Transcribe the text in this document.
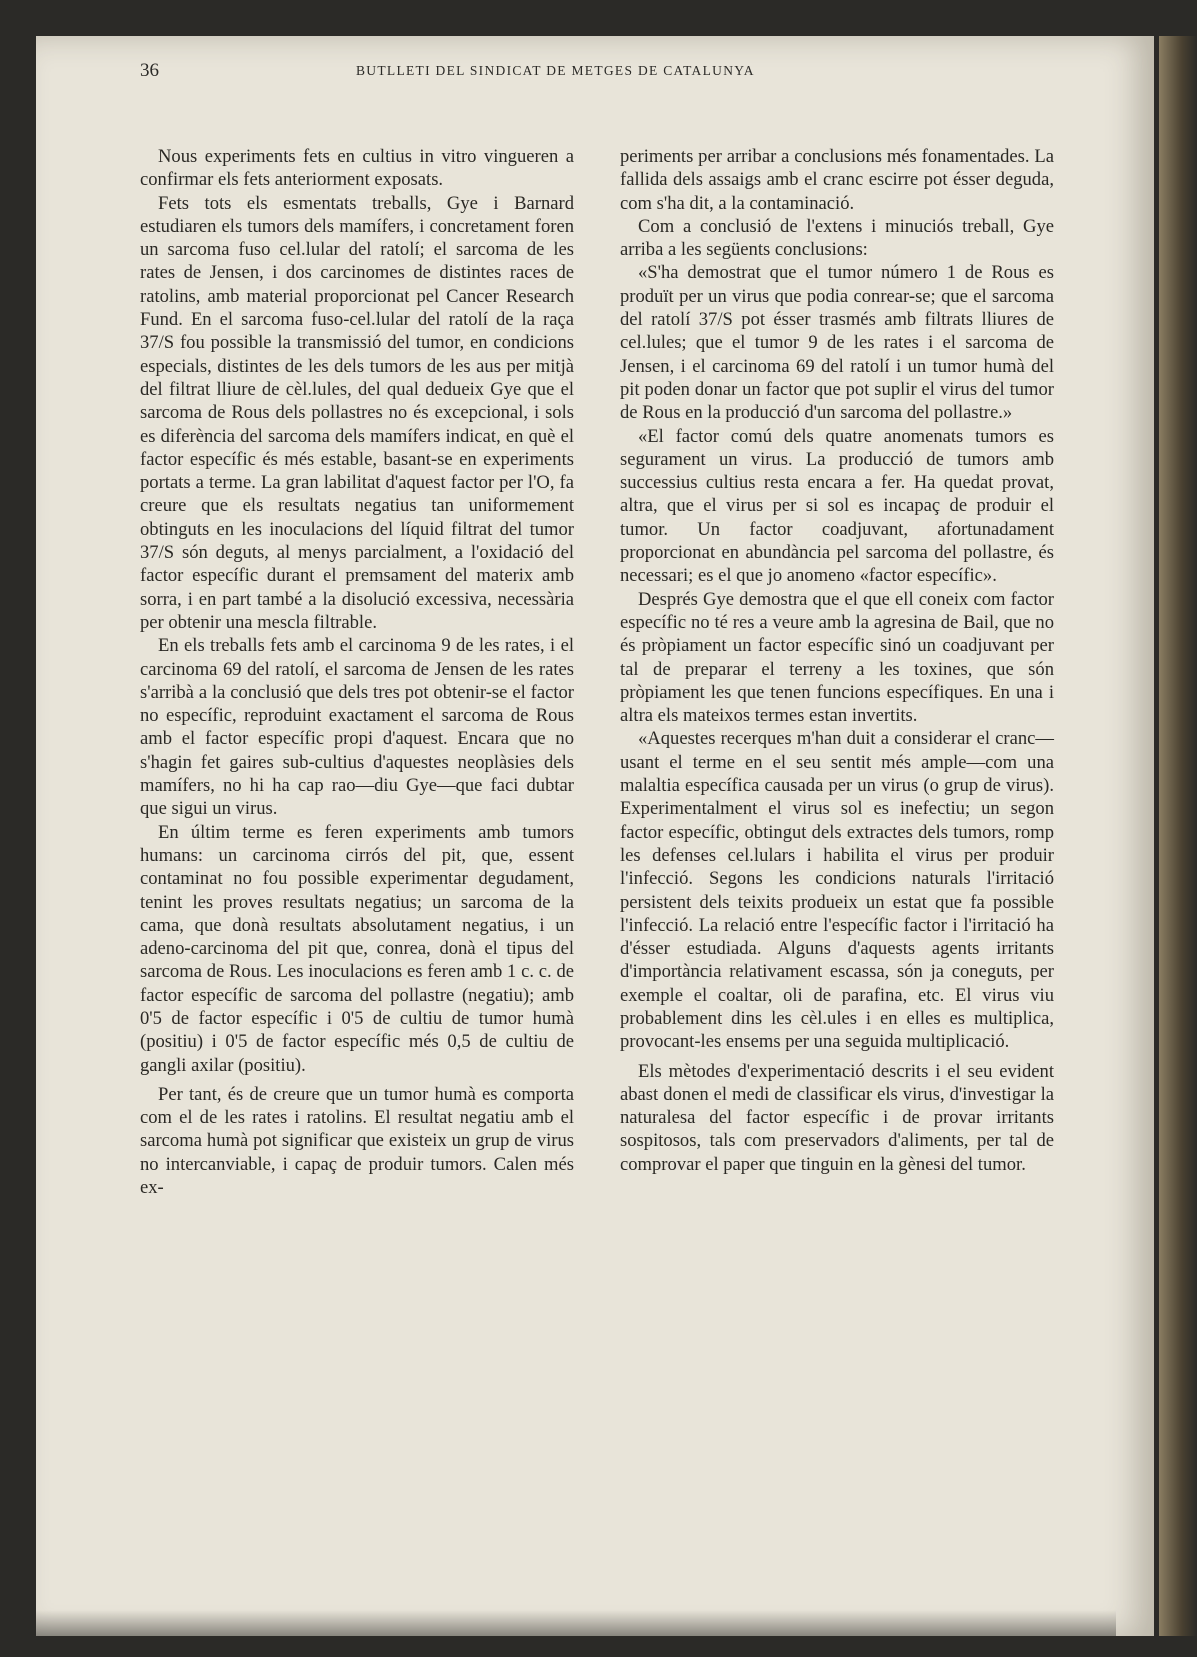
36	BUTLLETI DEL SINDICAT DE METGES DE CATALUNYA

Nous experiments fets en cultius in vitro vingueren a confirmar els fets anteriorment exposats.

Fets tots els esmentats treballs, Gye i Barnard estudiaren els tumors dels mamífers, i concretament foren un sarcoma fuso cel.lular del ratolí; el sarcoma de les rates de Jensen, i dos carcinomes de distintes races de ratolins, amb material proporcionat pel Cancer Research Fund. En el sarcoma fuso-cel.lular del ratolí de la raça 37/S fou possible la transmissió del tumor, en condicions especials, distintes de les dels tumors de les aus per mitjà del filtrat lliure de cèl.lules, del qual dedueix Gye que el sarcoma de Rous dels pollastres no és excepcional, i sols es diferència del sarcoma dels mamífers indicat, en què el factor específic és més estable, basant-se en experiments portats a terme. La gran labilitat d'aquest factor per l'O, fa creure que els resultats negatius tan uniformement obtinguts en les inoculacions del líquid filtrat del tumor 37/S són deguts, al menys parcialment, a l'oxidació del factor específic durant el premsament del materix amb sorra, i en part també a la disolució excessiva, necessària per obtenir una mescla filtrable.

En els treballs fets amb el carcinoma 9 de les rates, i el carcinoma 69 del ratolí, el sarcoma de Jensen de les rates s'arribà a la conclusió que dels tres pot obtenir-se el factor no específic, reproduint exactament el sarcoma de Rous amb el factor específic propi d'aquest. Encara que no s'hagin fet gaires sub-cultius d'aquestes neoplàsies dels mamífers, no hi ha cap rao—diu Gye—que faci dubtar que sigui un virus.

En últim terme es feren experiments amb tumors humans: un carcinoma cirrós del pit, que, essent contaminat no fou possible experimentar degudament, tenint les proves resultats negatius; un sarcoma de la cama, que donà resultats absolutament negatius, i un adeno-carcinoma del pit que, conrea, donà el tipus del sarcoma de Rous. Les inoculacions es feren amb 1 c. c. de factor específic de sarcoma del pollastre (negatiu); amb 0'5 de factor específic i 0'5 de cultiu de tumor humà (positiu) i 0'5 de factor específic més 0,5 de cultiu de gangli axilar (positiu).

Per tant, és de creure que un tumor humà es comporta com el de les rates i ratolins. El resultat negatiu amb el sarcoma humà pot significar que existeix un grup de virus no intercanviable, i capaç de produir tumors. Calen més ex-

periments per arribar a conclusions més fonamentades. La fallida dels assaigs amb el cranc escirre pot ésser deguda, com s'ha dit, a la contaminació.

Com a conclusió de l'extens i minuciós treball, Gye arriba a les següents conclusions:

«S'ha demostrat que el tumor número 1 de Rous es produït per un virus que podia conrear-se; que el sarcoma del ratolí 37/S pot ésser trasmés amb filtrats lliures de cel.lules; que el tumor 9 de les rates i el sarcoma de Jensen, i el carcinoma 69 del ratolí i un tumor humà del pit poden donar un factor que pot suplir el virus del tumor de Rous en la producció d'un sarcoma del pollastre.»

«El factor comú dels quatre anomenats tumors es segurament un virus. La producció de tumors amb successius cultius resta encara a fer. Ha quedat provat, altra, que el virus per si sol es incapaç de produir el tumor. Un factor coadjuvant, afortunadament proporcionat en abundància pel sarcoma del pollastre, és necessari; es el que jo anomeno «factor específic».

Després Gye demostra que el que ell coneix com factor específic no té res a veure amb la agresina de Bail, que no és pròpiament un factor específic sinó un coadjuvant per tal de preparar el terreny a les toxines, que són pròpiament les que tenen funcions específiques. En una i altra els mateixos termes estan invertits.

«Aquestes recerques m'han duit a considerar el cranc—usant el terme en el seu sentit més ample—com una malaltia específica causada per un virus (o grup de virus). Experimentalment el virus sol es inefectiu; un segon factor específic, obtingut dels extractes dels tumors, romp les defenses cel.lulars i habilita el virus per produir l'infecció. Segons les condicions naturals l'irritació persistent dels teixits produeix un estat que fa possible l'infecció. La relació entre l'específic factor i l'irritació ha d'ésser estudiada. Alguns d'aquests agents irritants d'importància relativament escassa, són ja coneguts, per exemple el coaltar, oli de parafina, etc. El virus viu probablement dins les cèl.ules i en elles es multiplica, provocant-les ensems per una seguida multiplicació.

Els mètodes d'experimentació descrits i el seu evident abast donen el medi de classificar els virus, d'investigar la naturalesa del factor específic i de provar irritants sospitosos, tals com preservadors d'aliments, per tal de comprovar el paper que tinguin en la gènesi del tumor.
